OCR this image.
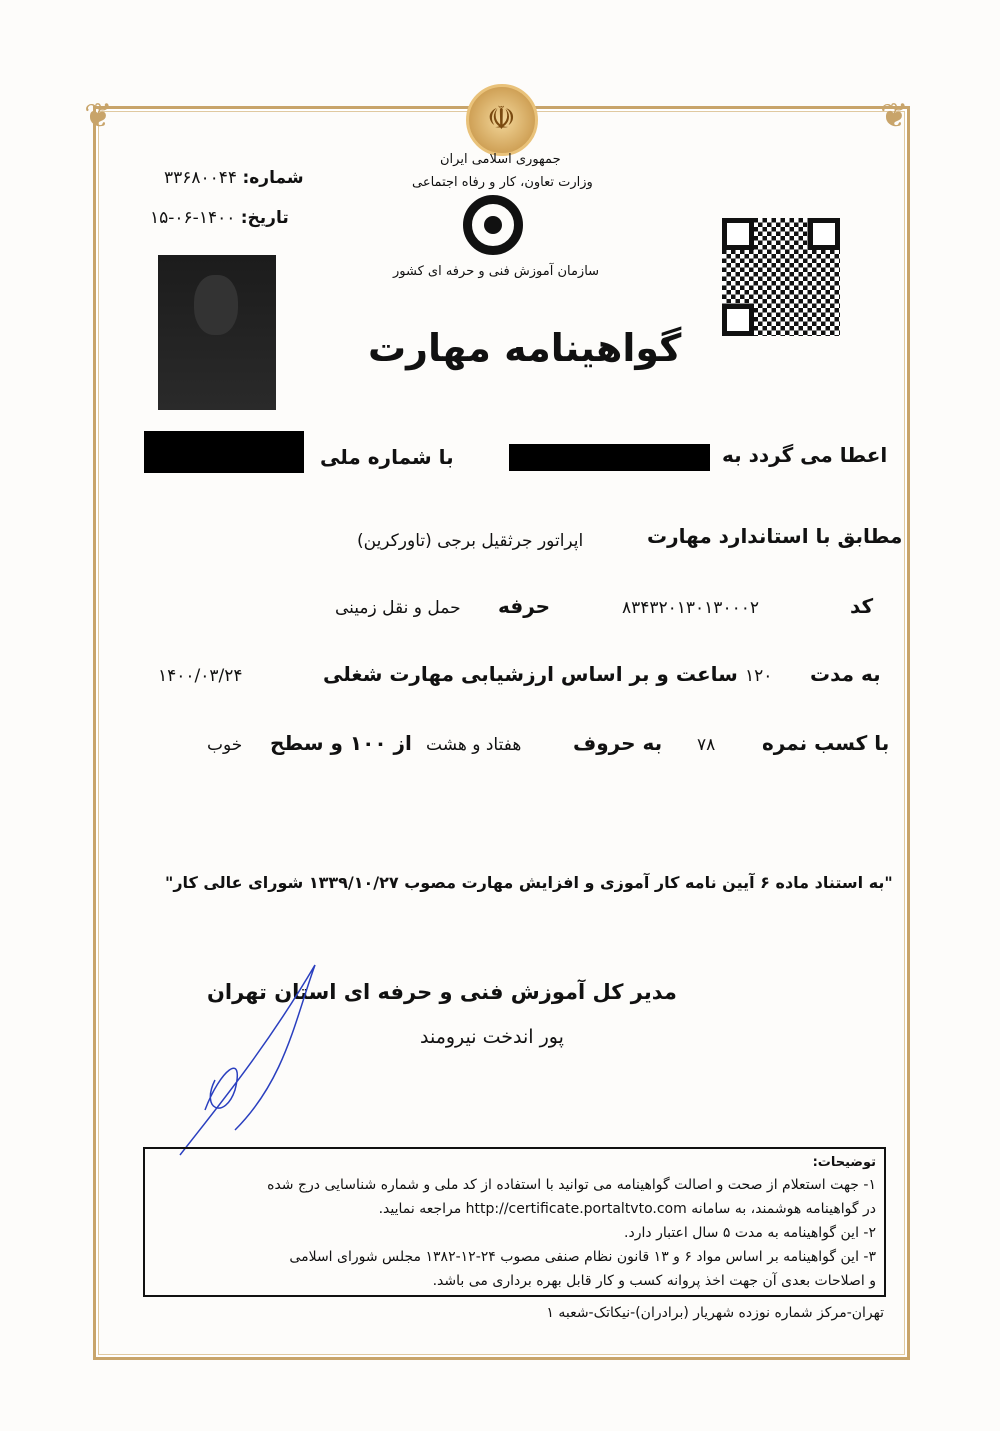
❦	❦
☫
جمهوری اسلامی ایران
وزارت تعاون، کار و رفاه اجتماعی
سازمان آموزش فنی و حرفه ای کشور
شماره: ۳۳۶۸۰۰۴۴
تاریخ: ۱۴۰۰-۰۶-۱۵
گواهینامه مهارت
اعطا می گردد به
با شماره ملی
مطابق با استاندارد مهارت
اپراتور جرثقیل برجی (تاورکرین)
کد
۸۳۴۳۲۰۱۳۰۱۳۰۰۰۲
حرفه
حمل و نقل زمینی
به مدت
۱۲۰
ساعت و بر اساس ارزشیابی مهارت شغلی
۱۴۰۰/۰۳/۲۴
با کسب نمره
۷۸
به حروف
هفتاد و هشت
از ۱۰۰ و سطح
خوب
"به استناد ماده ۶ آیین نامه کار آموزی و افزایش مهارت مصوب ۱۳۳۹/۱۰/۲۷ شورای عالی کار"
مدیر کل آموزش فنی و حرفه ای استان تهران
پور اندخت نیرومند
توضیحات:
۱- جهت استعلام از صحت و اصالت گواهینامه می توانید با استفاده از کد ملی و شماره شناسایی درج شده
در گواهینامه هوشمند، به سامانه http://certificate.portaltvto.com مراجعه نمایید.
۲- این گواهینامه به مدت ۵ سال اعتبار دارد.
۳- این گواهینامه بر اساس مواد ۶ و ۱۳ قانون نظام صنفی مصوب ۲۴-۱۲-۱۳۸۲ مجلس شورای اسلامی
و اصلاحات بعدی آن جهت اخذ پروانه کسب و کار قابل بهره برداری می باشد.
تهران-مرکز شماره نوزده شهریار (برادران)-نیکاتک-شعبه ۱
